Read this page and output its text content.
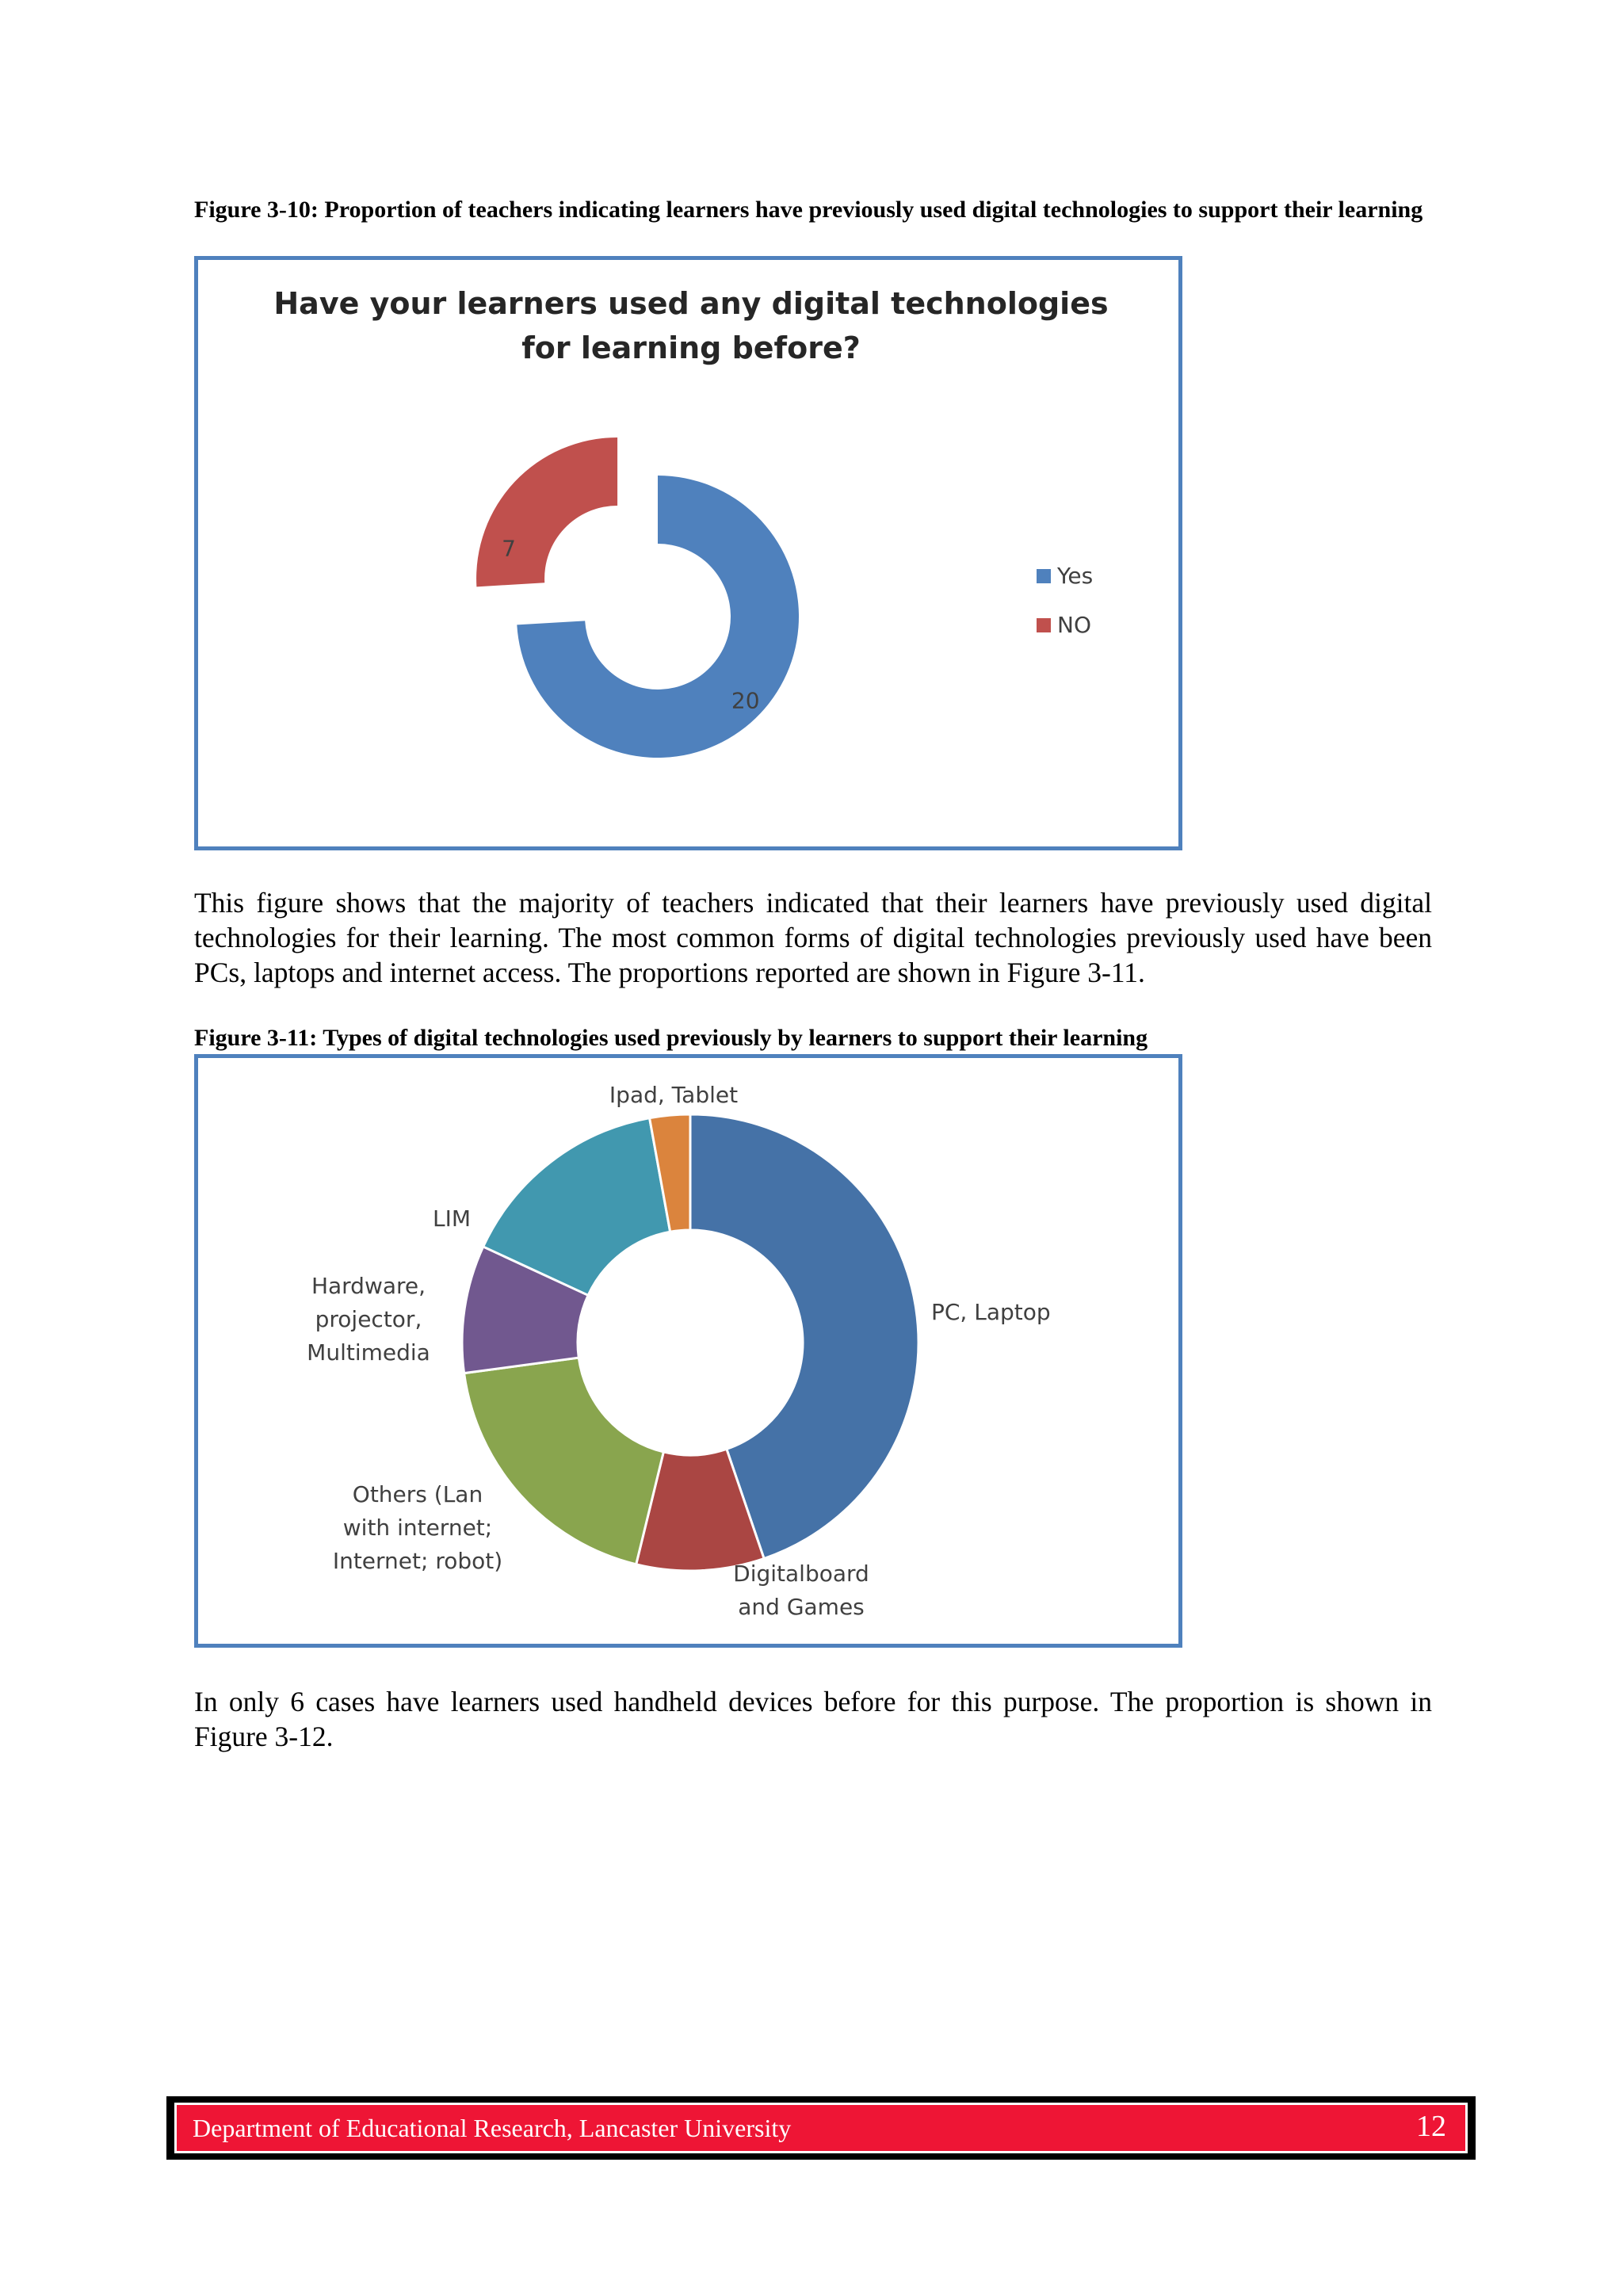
Figure 3-10: Proportion of teachers indicating learners have previously used digital technologies to support their learning

Have your learners used any digital technologies
for learning before?
20
7
Yes
NO

This figure shows that the majority of teachers indicated that their learners have previously used digital technologies for their learning. The most common forms of digital technologies previously used have been PCs, laptops and internet access. The proportions reported are shown in Figure 3-11.

Figure 3-11: Types of digital technologies used previously by learners to support their learning

PC, Laptop
Digitalboard and Games
Others (Lan with internet; Internet; robot)
Hardware, projector, Multimedia
LIM
Ipad, Tablet

In only 6 cases have learners used handheld devices before for this purpose. The proportion is shown in Figure 3-12.

Department of Educational Research, Lancaster University	12
